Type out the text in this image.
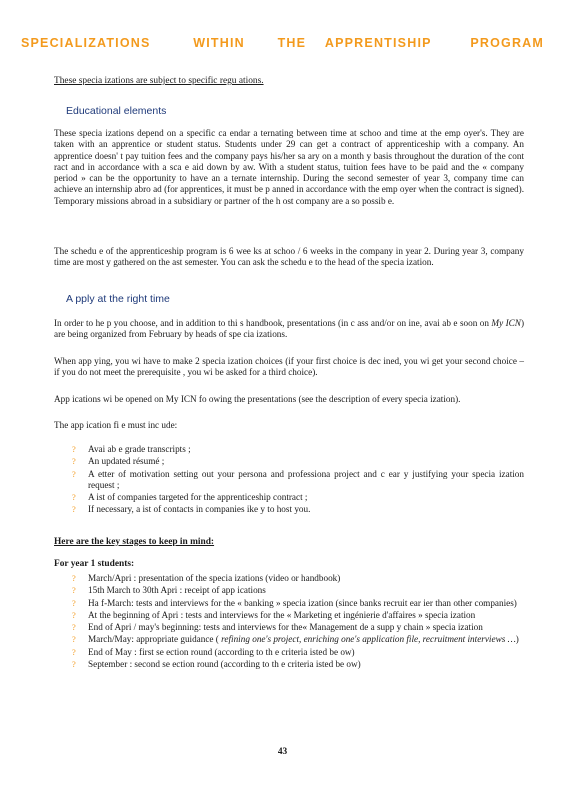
SPECIALIZATIONS	WITHIN	THE APPRENTISHIP	PROGRAM
These specia izations are subject to specific regu ations.
Educational elements

These specia izations depend on a specific ca endar a ternating between time at schoo and time at the emp oyer's. They are taken with an apprentice or student status. Students under 29 can get a contract of apprenticeship with a company. An apprentice doesn' t pay tuition fees and the company pays his/her sa ary on a month y basis throughout the duration of the cont ract and in accordance with a sca e aid down by aw. With a student status, tuition fees have to be paid and the « company period » can be the opportunity to have an a ternate internship. During the second semester of year 3, company time can achieve an internship abro ad (for apprentices, it must be p anned in accordance with the emp oyer when the contract is signed). Temporary missions abroad in a subsidiary or partner of the h ost company are a so possib e.

The schedu e of the apprenticeship program is 6 wee ks at schoo / 6 weeks in the company in year 2. During year 3, company time are most y gathered on the ast semester. You can ask the schedu e to the head of the specia ization.

A pply at the right time

In order to he p you choose, and in addition to thi s handbook, presentations (in c ass and/or on ine, avai ab e soon on My ICN) are being organized from February by heads of spe cia izations.

When app ying, you wi have to make 2 specia ization choices (if your first choice is dec ined, you wi get your second choice – if you do not meet the prerequisite , you wi be asked for a third choice).

App ications wi be opened on My ICN fo owing the presentations (see the description of every specia ization).

The app ication fi e must inc ude:

? Avai ab e grade transcripts ;
? An updated résumé ;
? A etter of motivation setting out your persona and professiona project and c ear y justifying your specia ization request ;
? A ist of companies targeted for the apprenticeship contract ;
? If necessary, a ist of contacts in companies ike y to host you.
Here are the key stages to keep in mind:
For year 1 students:
? March/Apri : presentation of the specia izations (video or handbook)
? 15th March to 30th Apri : receipt of app ications
? Ha f-March: tests and interviews for the « banking » specia ization (since banks recruit ear ier than other companies)
? At the beginning of Apri : tests and interviews for the « Marketing et ingénierie d'affaires » specia ization
? End of Apri / may's beginning: tests and interviews for the« Management de a supp y chain » specia ization
? March/May: appropriate guidance ( refining one's project, enriching one's application file, recruitment interviews …)
? End of May : first se ection round (according to th e criteria isted be ow)
? September : second se ection round (according to th e criteria isted be ow)
43
